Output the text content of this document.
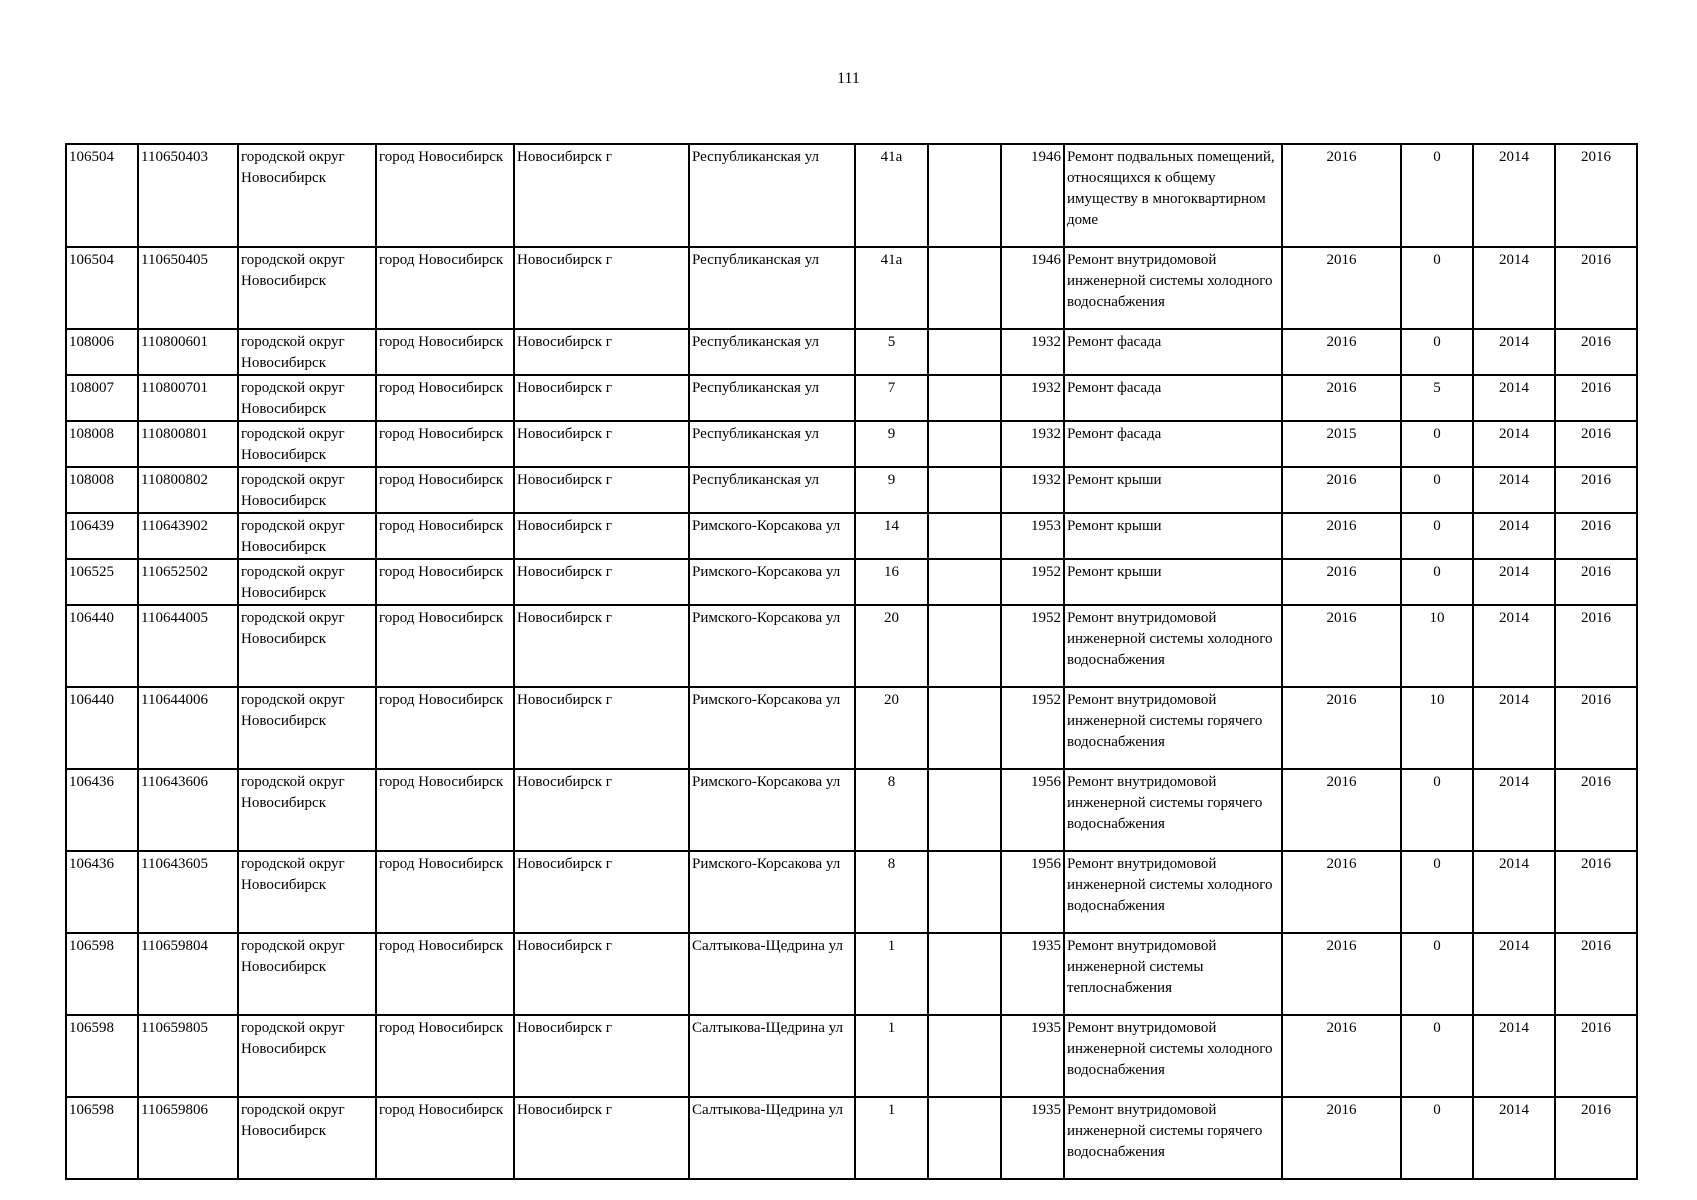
111
106504	110650403	городской округ Новосибирск	город Новосибирск	Новосибирск г	Республиканская ул	41а		1946	Ремонт подвальных помещений, относящихся к общему имуществу в многоквартирном доме	2016	0	2014	2016
106504	110650405	городской округ Новосибирск	город Новосибирск	Новосибирск г	Республиканская ул	41а		1946	Ремонт внутридомовой инженерной системы холодного водоснабжения	2016	0	2014	2016
108006	110800601	городской округ Новосибирск	город Новосибирск	Новосибирск г	Республиканская ул	5		1932	Ремонт фасада	2016	0	2014	2016
108007	110800701	городской округ Новосибирск	город Новосибирск	Новосибирск г	Республиканская ул	7		1932	Ремонт фасада	2016	5	2014	2016
108008	110800801	городской округ Новосибирск	город Новосибирск	Новосибирск г	Республиканская ул	9		1932	Ремонт фасада	2015	0	2014	2016
108008	110800802	городской округ Новосибирск	город Новосибирск	Новосибирск г	Республиканская ул	9		1932	Ремонт крыши	2016	0	2014	2016
106439	110643902	городской округ Новосибирск	город Новосибирск	Новосибирск г	Римского-Корсакова ул	14		1953	Ремонт крыши	2016	0	2014	2016
106525	110652502	городской округ Новосибирск	город Новосибирск	Новосибирск г	Римского-Корсакова ул	16		1952	Ремонт крыши	2016	0	2014	2016
106440	110644005	городской округ Новосибирск	город Новосибирск	Новосибирск г	Римского-Корсакова ул	20		1952	Ремонт внутридомовой инженерной системы холодного водоснабжения	2016	10	2014	2016
106440	110644006	городской округ Новосибирск	город Новосибирск	Новосибирск г	Римского-Корсакова ул	20		1952	Ремонт внутридомовой инженерной системы горячего водоснабжения	2016	10	2014	2016
106436	110643606	городской округ Новосибирск	город Новосибирск	Новосибирск г	Римского-Корсакова ул	8		1956	Ремонт внутридомовой инженерной системы горячего водоснабжения	2016	0	2014	2016
106436	110643605	городской округ Новосибирск	город Новосибирск	Новосибирск г	Римского-Корсакова ул	8		1956	Ремонт внутридомовой инженерной системы холодного водоснабжения	2016	0	2014	2016
106598	110659804	городской округ Новосибирск	город Новосибирск	Новосибирск г	Салтыкова-Щедрина ул	1		1935	Ремонт внутридомовой инженерной системы теплоснабжения	2016	0	2014	2016
106598	110659805	городской округ Новосибирск	город Новосибирск	Новосибирск г	Салтыкова-Щедрина ул	1		1935	Ремонт внутридомовой инженерной системы холодного водоснабжения	2016	0	2014	2016
106598	110659806	городской округ Новосибирск	город Новосибирск	Новосибирск г	Салтыкова-Щедрина ул	1		1935	Ремонт внутридомовой инженерной системы горячего водоснабжения	2016	0	2014	2016
